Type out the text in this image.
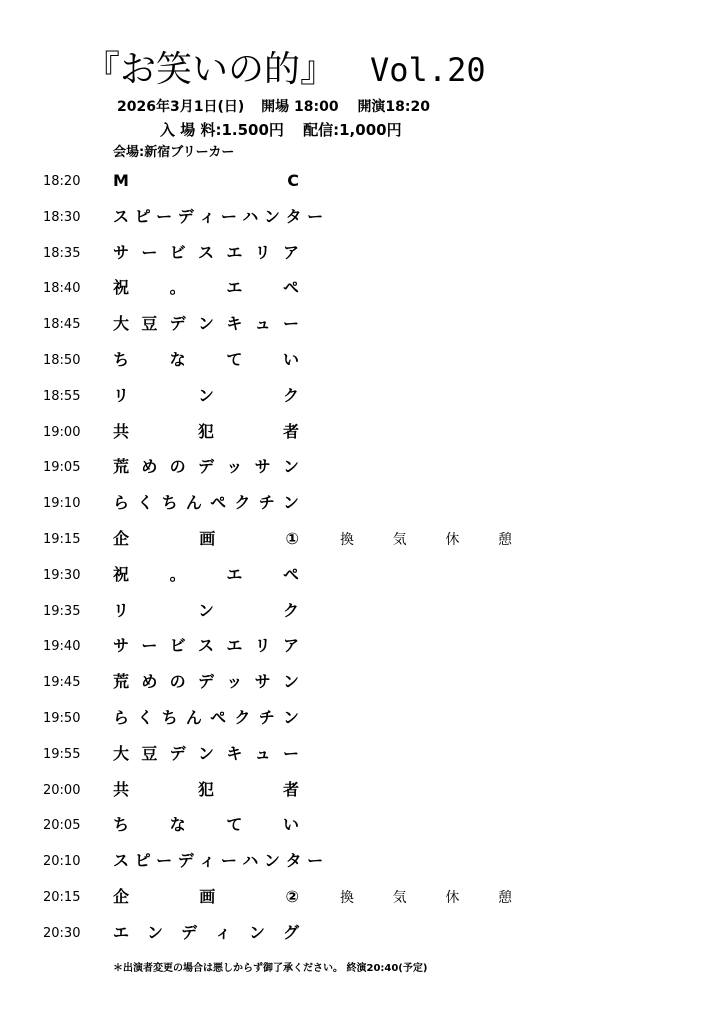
『お笑いの的』 Vol.20
2026年3月1日(日) 開場 18:00 開演18:20
入 場 料:1.500円 配信:1,000円
会場:新宿ブリーカー
18:20 M C
18:30 ス ピ ー デ ィ ー ハ ン タ ー
18:35 サ ー ビ ス エ リ ア
18:40 祝 。 エ ペ
18:45 大 豆 デ ン キ ュ ー
18:50 ち な て い
18:55 リ ン ク
19:00 共 犯 者
19:05 荒 め の デ ッ サ ン
19:10 ら く ち ん ペ ク チ ン
19:15 企 画 ①	換 気 休 憩
19:30 祝 。 エ ペ
19:35 リ ン ク
19:40 サ ー ビ ス エ リ ア
19:45 荒 め の デ ッ サ ン
19:50 ら く ち ん ペ ク チ ン
19:55 大 豆 デ ン キ ュ ー
20:00 共 犯 者
20:05 ち な て い
20:10 ス ピ ー デ ィ ー ハ ン タ ー
20:15 企 画 ②	換 気 休 憩
20:30 エ ン デ ィ ン グ
＊出演者変更の場合は悪しからず御了承ください。 終演20:40(予定)
